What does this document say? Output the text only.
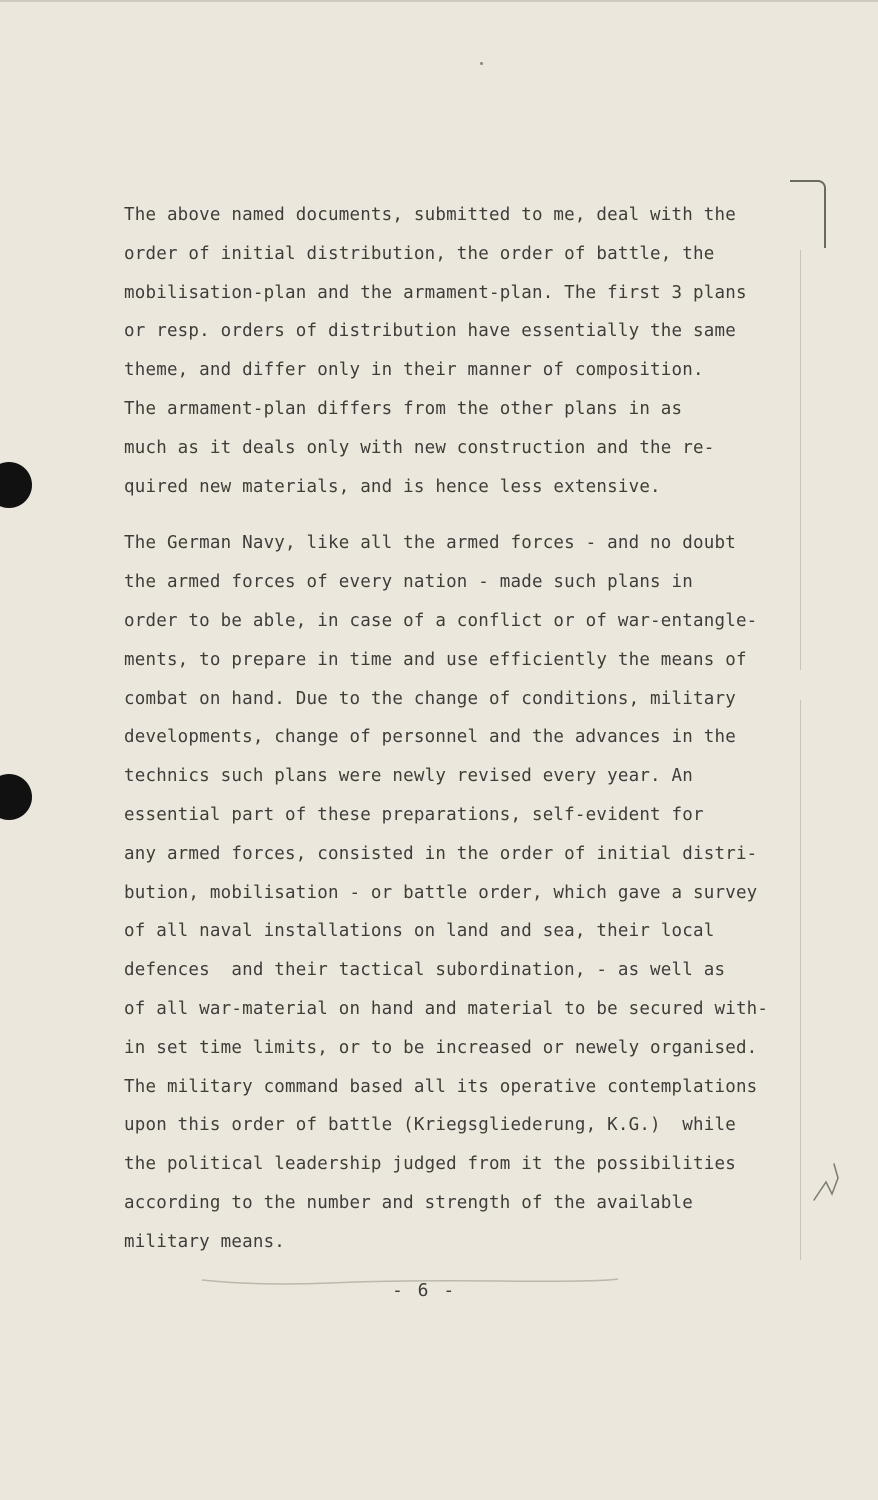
The above named documents, submitted to me, deal with the
order of initial distribution, the order of battle, the
mobilisation-plan and the armament-plan. The first 3 plans
or resp. orders of distribution have essentially the same
theme, and differ only in their manner of composition.
The armament-plan differs from the other plans in as
much as it deals only with new construction and the re-
quired new materials, and is hence less extensive.

The German Navy, like all the armed forces - and no doubt
the armed forces of every nation - made such plans in
order to be able, in case of a conflict or of war-entangle-
ments, to prepare in time and use efficiently the means of
combat on hand. Due to the change of conditions, military
developments, change of personnel and the advances in the
technics such plans were newly revised every year. An
essential part of these preparations, self-evident for
any armed forces, consisted in the order of initial distri-
bution, mobilisation - or battle order, which gave a survey
of all naval installations on land and sea, their local
defences  and their tactical subordination, - as well as
of all war-material on hand and material to be secured with-
in set time limits, or to be increased or newely organised.
The military command based all its operative contemplations
upon this order of battle (Kriegsgliederung, K.G.)  while
the political leadership judged from it the possibilities
according to the number and strength of the available
military means.

- 6 -
